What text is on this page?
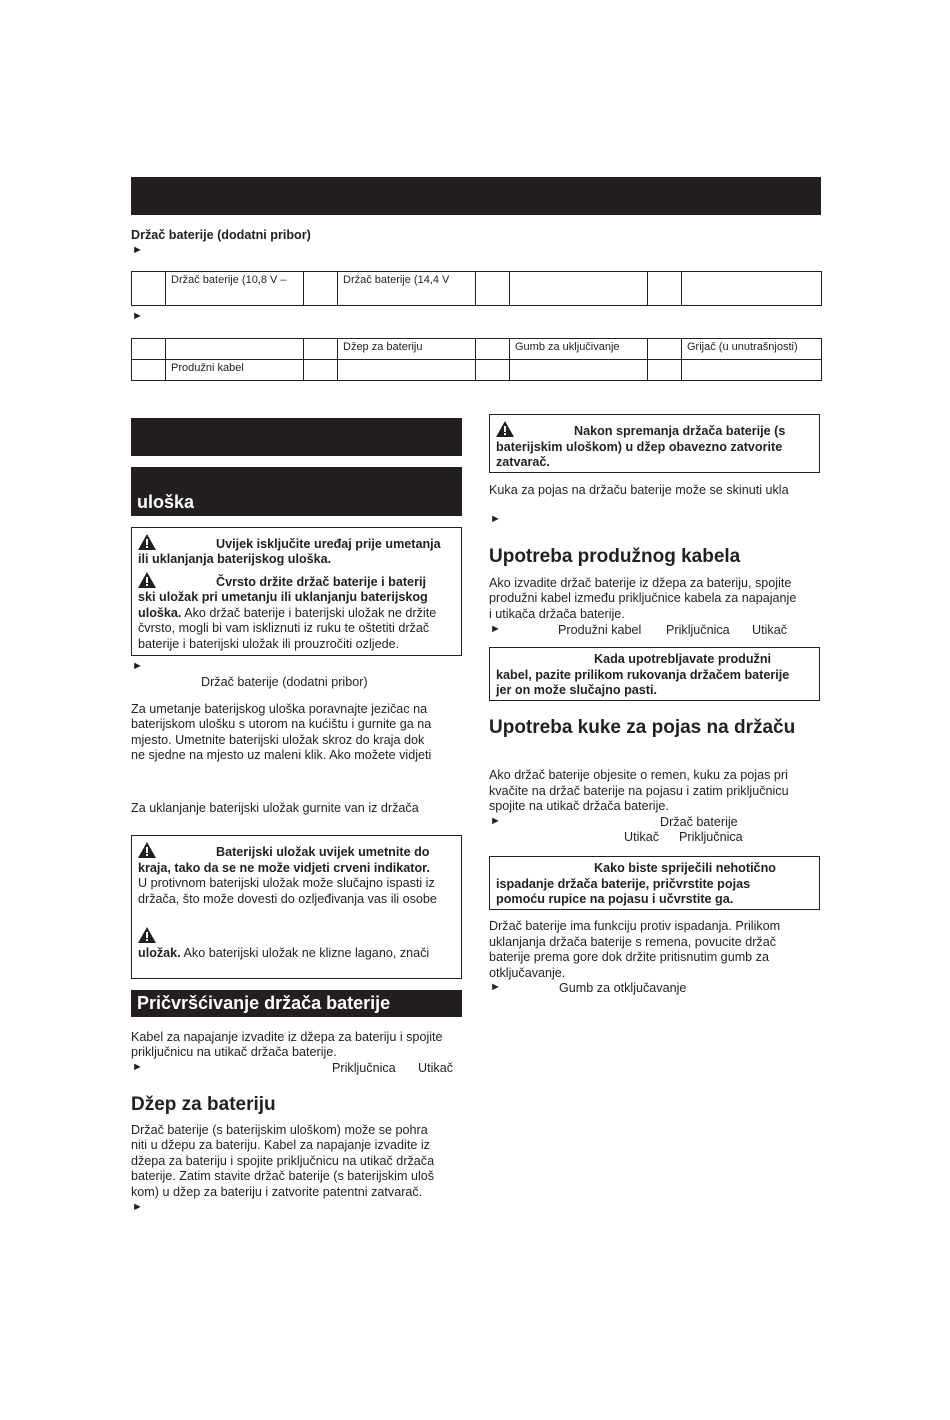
Držač baterije (dodatni pribor)
►
	Držač baterije (10,8 V –		Držač baterije (14,4 V				
►
			Džep za bateriju		Gumb za uključivanje		Grijač (u unutrašnjosti)
	Produžni kabel						
uloška
Uvijek isključite uređaj prije umetanja
ili uklanjanja baterijskog uloška.
Čvrsto držite držač baterije i baterij
ski uložak pri umetanju ili uklanjanju baterijskog
uloška. Ako držač baterije i baterijski uložak ne držite
čvrsto, mogli bi vam iskliznuti iz ruku te oštetiti držač
baterije i baterijski uložak ili prouzročiti ozljede.
►
Držač baterije (dodatni pribor)
Za umetanje baterijskog uloška poravnajte jezičac na
baterijskom ulošku s utorom na kućištu i gurnite ga na
mjesto. Umetnite baterijski uložak skroz do kraja dok
ne sjedne na mjesto uz maleni klik. Ako možete vidjeti
Za uklanjanje baterijski uložak gurnite van iz držača
Baterijski uložak uvijek umetnite do
kraja, tako da se ne može vidjeti crveni indikator.
U protivnom baterijski uložak može slučajno ispasti iz
držača, što može dovesti do ozljeđivanja vas ili osobe
uložak. Ako baterijski uložak ne klizne lagano, znači
Pričvršćivanje držača baterije
Kabel za napajanje izvadite iz džepa za bateriju i spojite
priključnicu na utikač držača baterije.
►	Priključnica Utikač
Džep za bateriju
Držač baterije (s baterijskim uloškom) može se pohra
niti u džepu za bateriju. Kabel za napajanje izvadite iz
džepa za bateriju i spojite priključnicu na utikač držača
baterije. Zatim stavite držač baterije (s baterijskim uloš
kom) u džep za bateriju i zatvorite patentni zatvarač.
►
Nakon spremanja držača baterije (s
baterijskim uloškom) u džep obavezno zatvorite
zatvarač.
Kuka za pojas na držaču baterije može se skinuti ukla
►
Upotreba produžnog kabela
Ako izvadite držač baterije iz džepa za bateriju, spojite
produžni kabel između priključnice kabela za napajanje
i utikača držača baterije.
►	Produžni kabel Priključnica Utikač
Kada upotrebljavate produžni
kabel, pazite prilikom rukovanja držačem baterije
jer on može slučajno pasti.
Upotreba kuke za pojas na držaču
Ako držač baterije objesite o remen, kuku za pojas pri
kvačite na držač baterije na pojasu i zatim priključnicu
spojite na utikač držača baterije.
►	Držač baterije
Utikač Priključnica
Kako biste spriječili nehotično
ispadanje držača baterije, pričvrstite pojas
pomoću rupice na pojasu i učvrstite ga.
Držač baterije ima funkciju protiv ispadanja. Prilikom
uklanjanja držača baterije s remena, povucite držač
baterije prema gore dok držite pritisnutim gumb za
otključavanje.
►	Gumb za otključavanje
